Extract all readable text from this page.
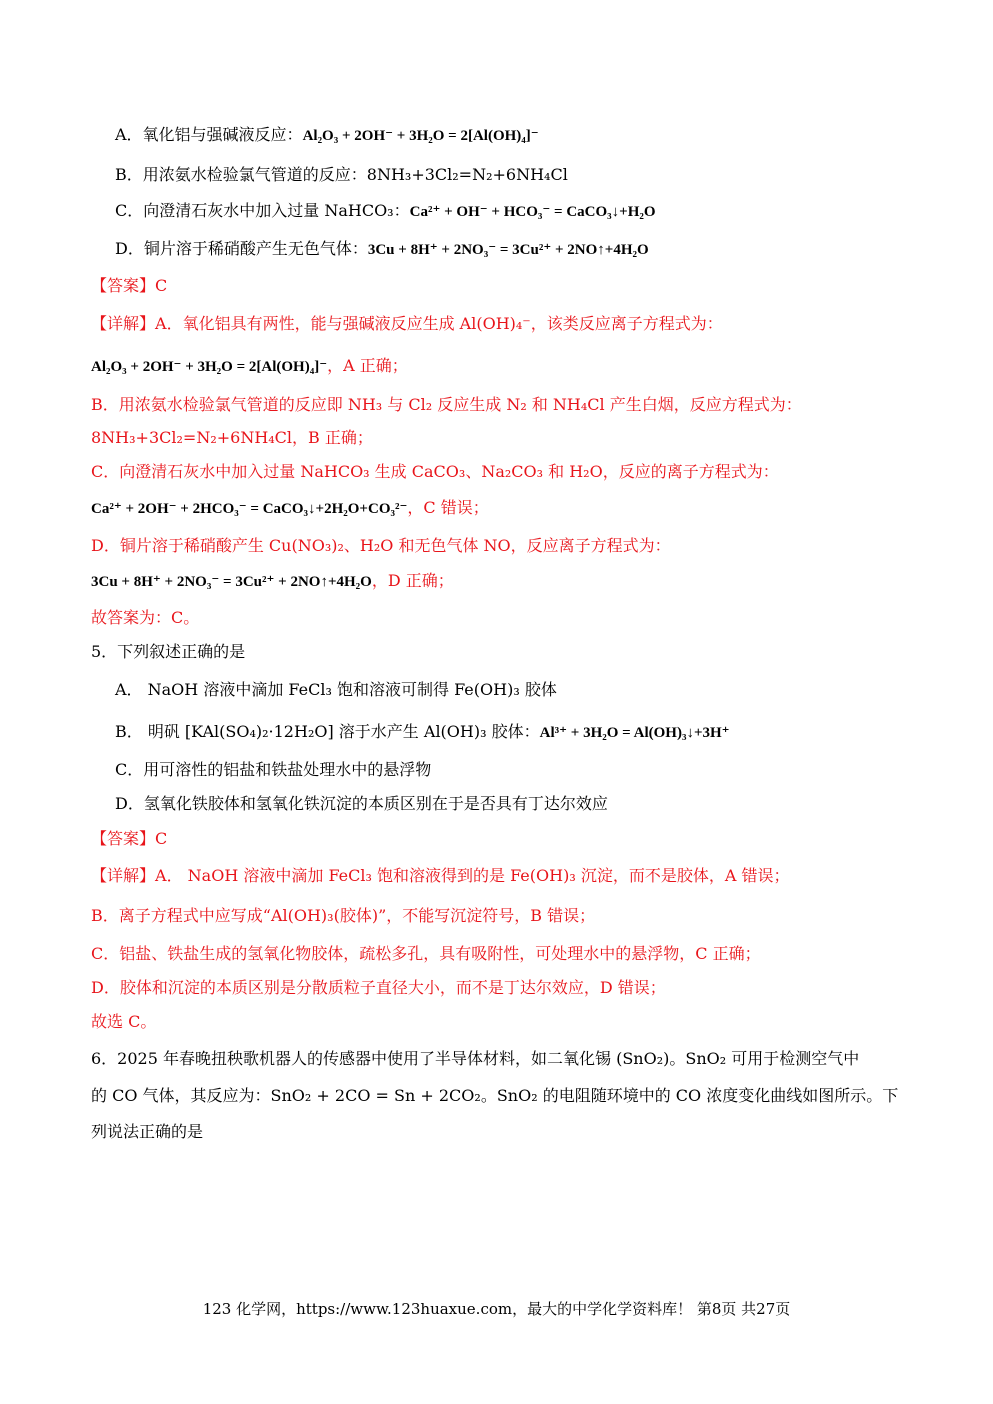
A．氧化铝与强碱液反应：Al₂O₃ + 2OH⁻ + 3H₂O = 2[Al(OH)₄]⁻
B．用浓氨水检验氯气管道的反应：8NH₃+3Cl₂=N₂+6NH₄Cl
C．向澄清石灰水中加入过量 NaHCO₃：Ca²⁺ + OH⁻ + HCO₃⁻ = CaCO₃↓+H₂O
D．铜片溶于稀硝酸产生无色气体：3Cu + 8H⁺ + 2NO₃⁻ = 3Cu²⁺ + 2NO↑+4H₂O
【答案】C
【详解】A．氧化铝具有两性，能与强碱液反应生成 Al(OH)₄⁻，该类反应离子方程式为：
Al₂O₃ + 2OH⁻ + 3H₂O = 2[Al(OH)₄]⁻，A 正确；
B．用浓氨水检验氯气管道的反应即 NH₃ 与 Cl₂ 反应生成 N₂ 和 NH₄Cl 产生白烟，反应方程式为：
8NH₃+3Cl₂=N₂+6NH₄Cl，B 正确；
C．向澄清石灰水中加入过量 NaHCO₃ 生成 CaCO₃、Na₂CO₃ 和 H₂O，反应的离子方程式为：
Ca²⁺ + 2OH⁻ + 2HCO₃⁻ = CaCO₃↓+2H₂O+CO₃²⁻，C 错误；
D．铜片溶于稀硝酸产生 Cu(NO₃)₂、H₂O 和无色气体 NO，反应离子方程式为：
3Cu + 8H⁺ + 2NO₃⁻ = 3Cu²⁺ + 2NO↑+4H₂O，D 正确；
故答案为：C。
5．下列叙述正确的是
A． NaOH 溶液中滴加 FeCl₃ 饱和溶液可制得 Fe(OH)₃ 胶体
B． 明矾 [KAl(SO₄)₂·12H₂O] 溶于水产生 Al(OH)₃ 胶体：Al³⁺ + 3H₂O = Al(OH)₃↓+3H⁺
C．用可溶性的铝盐和铁盐处理水中的悬浮物
D．氢氧化铁胶体和氢氧化铁沉淀的本质区别在于是否具有丁达尔效应
【答案】C
【详解】A． NaOH 溶液中滴加 FeCl₃ 饱和溶液得到的是 Fe(OH)₃ 沉淀，而不是胶体，A 错误；
B．离子方程式中应写成“Al(OH)₃(胶体)”，不能写沉淀符号，B 错误；
C．铝盐、铁盐生成的氢氧化物胶体，疏松多孔，具有吸附性，可处理水中的悬浮物，C 正确；
D．胶体和沉淀的本质区别是分散质粒子直径大小，而不是丁达尔效应，D 错误；
故选 C。
6．2025 年春晚扭秧歌机器人的传感器中使用了半导体材料，如二氧化锡 (SnO₂)。SnO₂ 可用于检测空气中
的 CO 气体，其反应为：SnO₂ + 2CO = Sn + 2CO₂。SnO₂ 的电阻随环境中的 CO 浓度变化曲线如图所示。下
列说法正确的是
123 化学网，https://www.123huaxue.com，最大的中学化学资料库！ 第8页 共27页
